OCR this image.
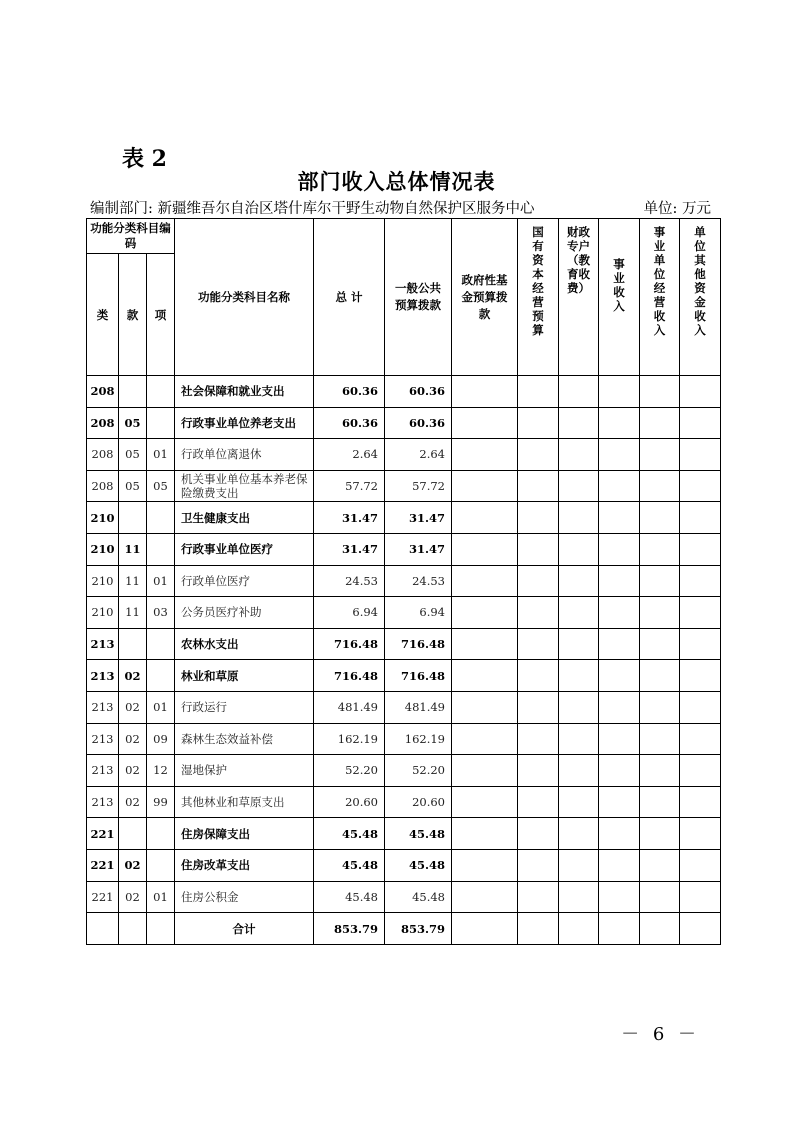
表 2
部门收入总体情况表
编制部门: 新疆维吾尔自治区塔什库尔干野生动物自然保护区服务中心	单位: 万元
功能分类科目编码			功能分类科目名称	总 计	一般公共预算拨款	政府性基金预算拨款	国有资本经营预算	财政专户（教育收费）	事业收入	事业单位经营收入	单位其他资金收入

类	款	项									
208			社会保障和就业支出	60.36	60.36						
208	05		行政事业单位养老支出	60.36	60.36						
208	05	01	行政单位离退休	2.64	2.64						
208	05	05	机关事业单位基本养老保险缴费支出	57.72	57.72						
210			卫生健康支出	31.47	31.47						
210	11		行政事业单位医疗	31.47	31.47						
210	11	01	行政单位医疗	24.53	24.53						
210	11	03	公务员医疗补助	6.94	6.94						
213			农林水支出	716.48	716.48						
213	02		林业和草原	716.48	716.48						
213	02	01	行政运行	481.49	481.49						
213	02	09	森林生态效益补偿	162.19	162.19						
213	02	12	湿地保护	52.20	52.20						
213	02	99	其他林业和草原支出	20.60	20.60						
221			住房保障支出	45.48	45.48						
221	02		住房改革支出	45.48	45.48						
221	02	01	住房公积金	45.48	45.48						
			合计	853.79	853.79						
－ 6 －
